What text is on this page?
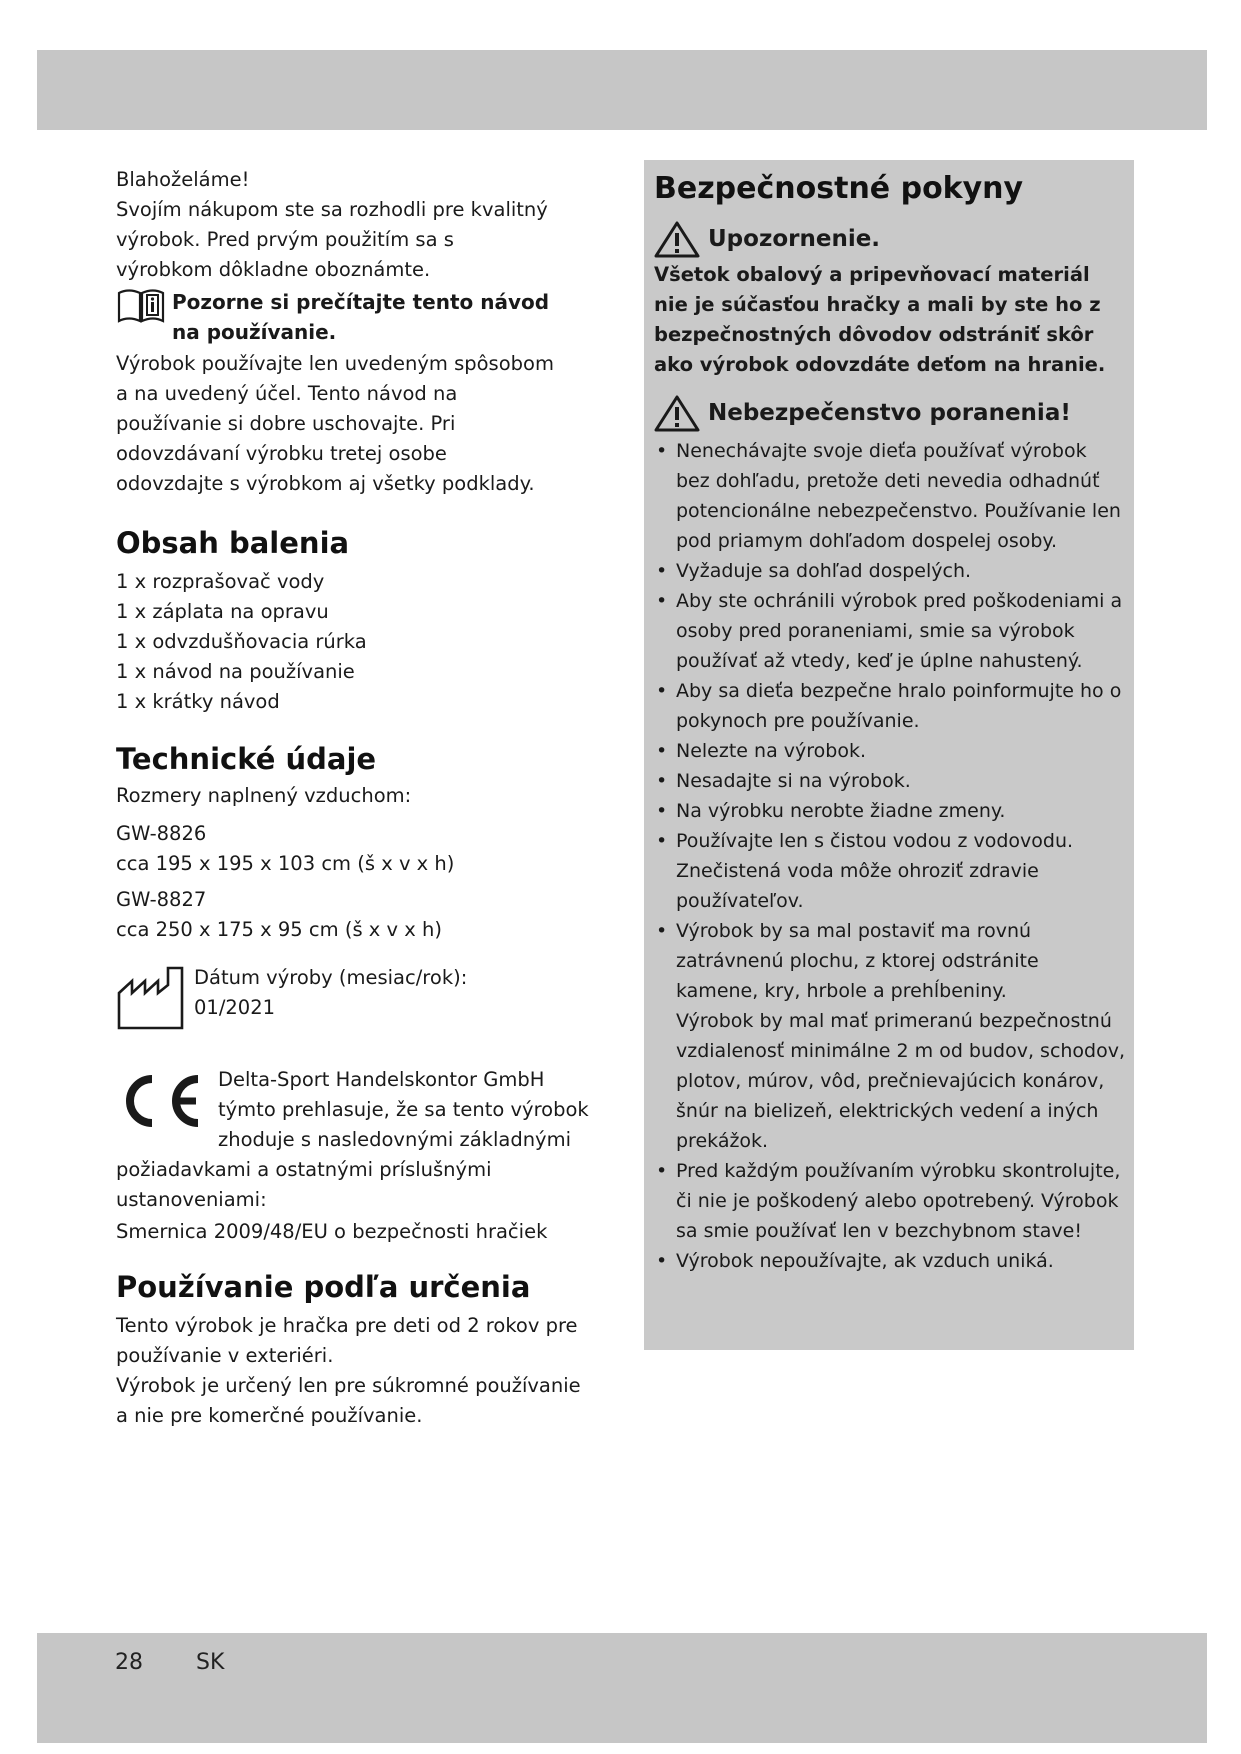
Blahoželáme!

Svojím nákupom ste sa rozhodli pre kvalitný výrobok. Pred prvým použitím sa s výrobkom dôkladne oboznámte.

Pozorne si prečítajte tento návod na používanie.

Výrobok používajte len uvedeným spôsobom a na uvedený účel. Tento návod na používanie si dobre uschovajte. Pri odovzdávaní výrobku tretej osobe odovzdajte s výrobkom aj všetky podklady.

Obsah balenia

1 x rozprašovač vody

1 x záplata na opravu

1 x odvzdušňovacia rúrka

1 x návod na používanie

1 x krátky návod

Technické údaje

Rozmery naplnený vzduchom:

GW-8826

cca 195 x 195 x 103 cm (š x v x h)

GW-8827

cca 250 x 175 x 95 cm (š x v x h)

Dátum výroby (mesiac/rok):

01/2021

Delta-Sport Handelskontor GmbH týmto prehlasuje, že sa tento výrobok zhoduje s nasledovnými základnými požiadavkami a ostatnými príslušnými ustanoveniami:

Smernica 2009/48/EU o bezpečnosti hračiek

Používanie podľa určenia

Tento výrobok je hračka pre deti od 2 rokov pre používanie v exteriéri.

Výrobok je určený len pre súkromné používanie a nie pre komerčné používanie.

Bezpečnostné pokyny
Upozornenie.

Všetok obalový a pripevňovací materiál nie je súčasťou hračky a mali by ste ho z bezpečnostných dôvodov odstrániť skôr ako výrobok odovzdáte deťom na hranie.

Nebezpečenstvo poranenia!
• Nenechávajte svoje dieťa používať výrobok bez dohľadu, pretože deti nevedia odhadnúť potencionálne nebezpečenstvo. Používanie len pod priamym dohľadom dospelej osoby.
• Vyžaduje sa dohľad dospelých.
• Aby ste ochránili výrobok pred poškodeniami a osoby pred poraneniami, smie sa výrobok používať až vtedy, keď je úplne nahustený.
• Aby sa dieťa bezpečne hralo poinformujte ho o pokynoch pre používanie.
• Nelezte na výrobok.
• Nesadajte si na výrobok.
• Na výrobku nerobte žiadne zmeny.
• Používajte len s čistou vodou z vodovodu. Znečistená voda môže ohroziť zdravie používateľov.
• Výrobok by sa mal postaviť ma rovnú zatrávnenú plochu, z ktorej odstránite kamene, kry, hrbole a prehĺbeniny.
Výrobok by mal mať primeranú bezpečnostnú vzdialenosť minimálne 2 m od budov, schodov, plotov, múrov, vôd, prečnievajúcich konárov, šnúr na bielizeň, elektrických vedení a iných prekážok.
• Pred každým používaním výrobku skontrolujte, či nie je poškodený alebo opotrebený. Výrobok sa smie používať len v bezchybnom stave!
• Výrobok nepoužívajte, ak vzduch uniká.
28 SK
